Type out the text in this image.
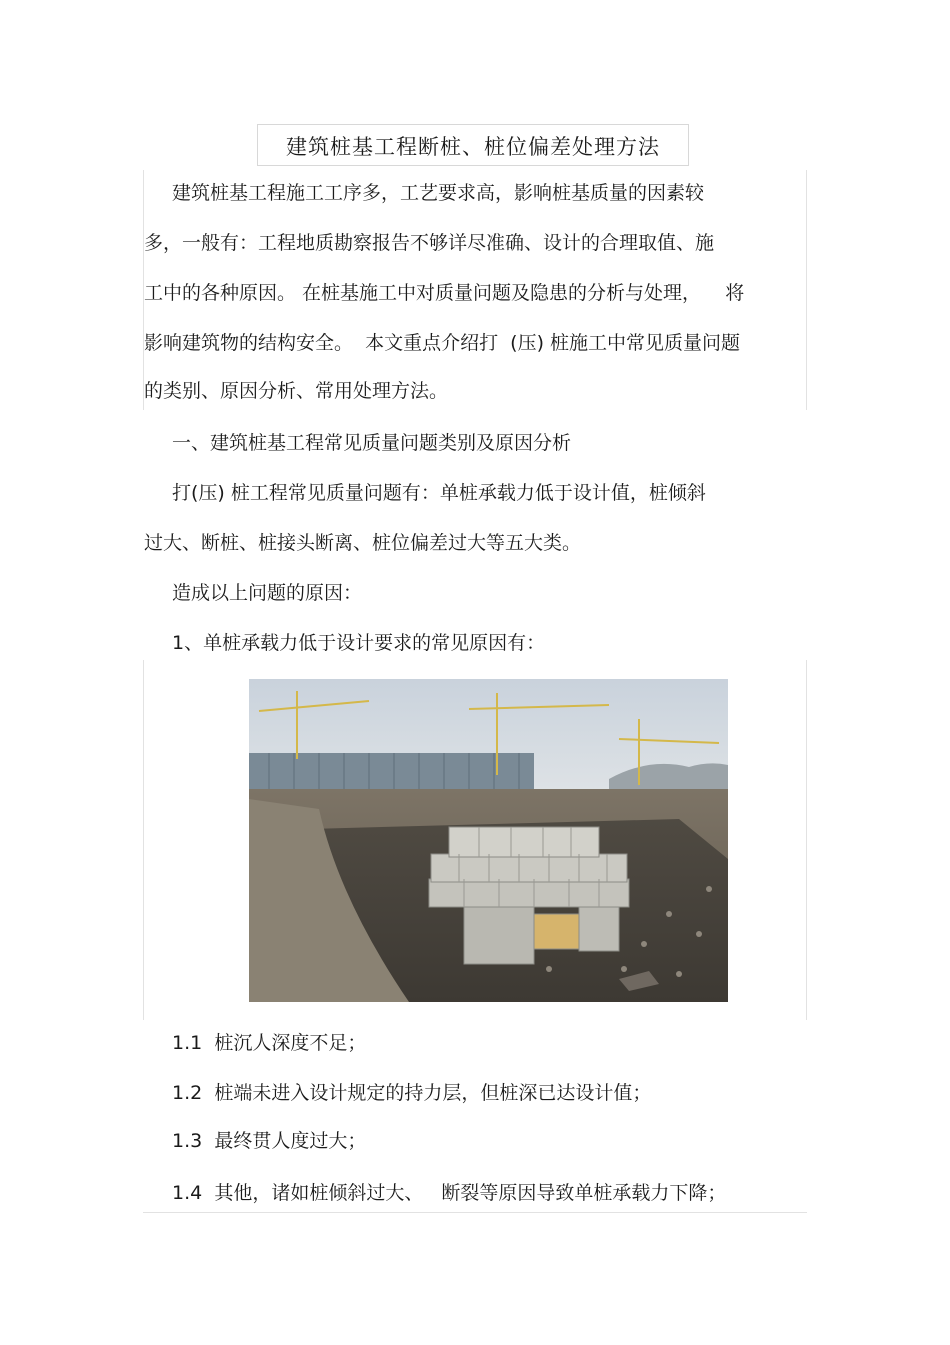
建筑桩基工程断桩、桩位偏差处理方法
建筑桩基工程施工工序多，工艺要求高，影响桩基质量的因素较
多，一般有：工程地质勘察报告不够详尽准确、设计的合理取值、施
工中的各种原因。 在桩基施工中对质量问题及隐患的分析与处理，    将
影响建筑物的结构安全。  本文重点介绍打  (压) 桩施工中常见质量问题
的类别、原因分析、常用处理方法。
一、建筑桩基工程常见质量问题类别及原因分析
打(压) 桩工程常见质量问题有：单桩承载力低于设计值，桩倾斜
过大、断桩、桩接头断离、桩位偏差过大等五大类。
造成以上问题的原因：
1、单桩承载力低于设计要求的常见原因有：
1.1 桩沉人深度不足；
1.2 桩端未进入设计规定的持力层，但桩深已达设计值；
1.3 最终贯人度过大；
1.4 其他，诸如桩倾斜过大、   断裂等原因导致单桩承载力下降；
